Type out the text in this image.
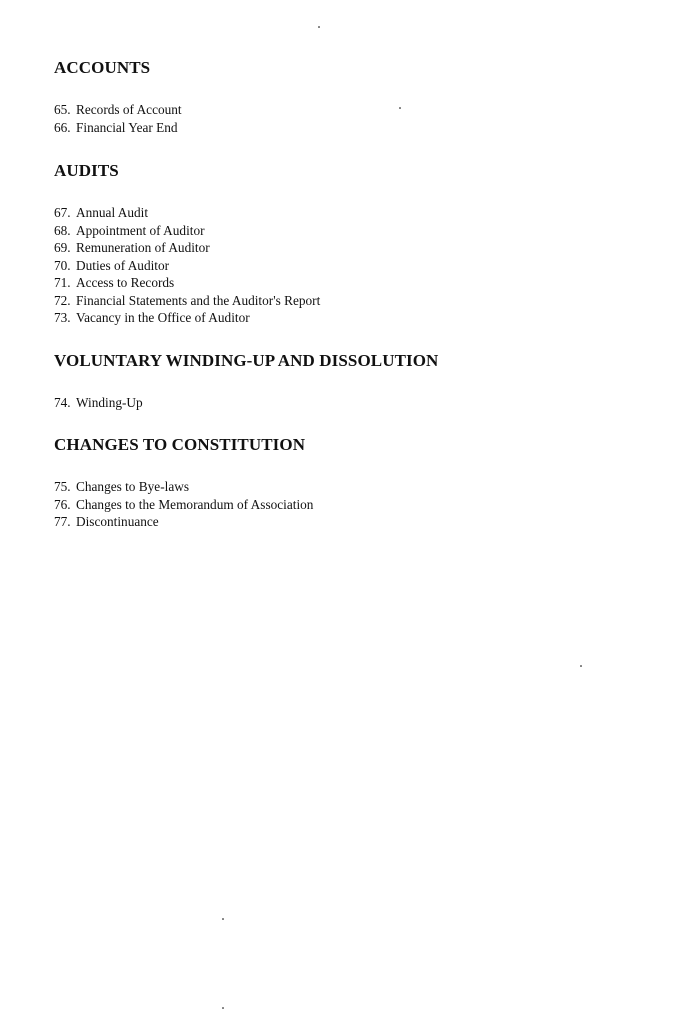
ACCOUNTS
65. Records of Account
66. Financial Year End
AUDITS
67. Annual Audit
68. Appointment of Auditor
69. Remuneration of Auditor
70. Duties of Auditor
71. Access to Records
72. Financial Statements and the Auditor's Report
73. Vacancy in the Office of Auditor
VOLUNTARY WINDING-UP AND DISSOLUTION
74. Winding-Up
CHANGES TO CONSTITUTION
75. Changes to Bye-laws
76. Changes to the Memorandum of Association
77. Discontinuance
